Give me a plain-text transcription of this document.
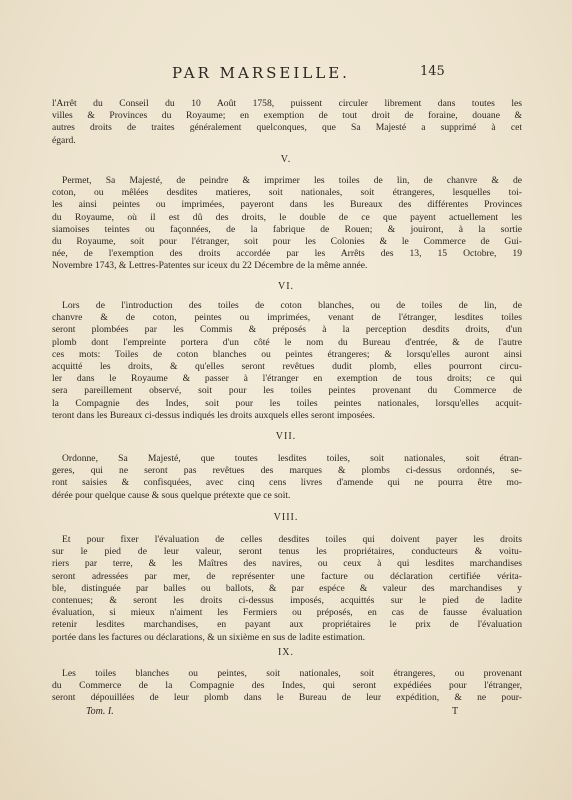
PAR MARSEILLE.	145
l'Arrêt du Conseil du 10 Août 1758, puissent circuler librement dans toutes les
villes & Provinces du Royaume; en exemption de tout droit de foraine, douane &
autres droits de traites généralement quelconques, que Sa Majesté a supprimé à cet
égard.
V.
Permet, Sa Majesté, de peindre & imprimer les toiles de lin, de chanvre & de
coton, ou mêlées desdites matieres, soit nationales, soit étrangeres, lesquelles toi-
les ainsi peintes ou imprimées, payeront dans les Bureaux des différentes Provinces
du Royaume, où il est dû des droits, le double de ce que payent actuellement les
siamoises teintes ou façonnées, de la fabrique de Rouen; & jouiront, à la sortie
du Royaume, soit pour l'étranger, soit pour les Colonies & le Commerce de Gui-
née, de l'exemption des droits accordée par les Arrêts des 13, 15 Octobre, 19
Novembre 1743, & Lettres-Patentes sur iceux du 22 Décembre de la même année.
VI.
Lors de l'introduction des toiles de coton blanches, ou de toiles de lin, de
chanvre & de coton, peintes ou imprimées, venant de l'étranger, lesdites toiles
seront plombées par les Commis & préposés à la perception desdits droits, d'un
plomb dont l'empreinte portera d'un côté le nom du Bureau d'entrée, & de l'autre
ces mots: Toiles de coton blanches ou peintes étrangeres; & lorsqu'elles auront ainsi
acquitté les droits, & qu'elles seront revêtues dudit plomb, elles pourront circu-
ler dans le Royaume & passer à l'étranger en exemption de tous droits; ce qui
sera pareillement observé, soit pour les toiles peintes provenant du Commerce de
la Compagnie des Indes, soit pour les toiles peintes nationales, lorsqu'elles acquit-
teront dans les Bureaux ci-dessus indiqués les droits auxquels elles seront imposées.
VII.
Ordonne, Sa Majesté, que toutes lesdites toiles, soit nationales, soit étran-
geres, qui ne seront pas revêtues des marques & plombs ci-dessus ordonnés, se-
ront saisies & confisquées, avec cinq cens livres d'amende qui ne pourra être mo-
dérée pour quelque cause & sous quelque prétexte que ce soit.
VIII.
Et pour fixer l'évaluation de celles desdites toiles qui doivent payer les droits
sur le pied de leur valeur, seront tenus les propriétaires, conducteurs & voitu-
riers par terre, & les Maîtres des navires, ou ceux à qui lesdites marchandises
seront adressées par mer, de représenter une facture ou déclaration certifiée vérita-
ble, distinguée par balles ou ballots, & par espéce & valeur des marchandises y
contenues; & seront les droits ci-dessus imposés, acquittés sur le pied de ladite
évaluation, si mieux n'aiment les Fermiers ou préposés, en cas de fausse évaluation
retenir lesdites marchandises, en payant aux propriétaires le prix de l'évaluation
portée dans les factures ou déclarations, & un sixième en sus de ladite estimation.
IX.
Les toiles blanches ou peintes, soit nationales, soit étrangeres, ou provenant
du Commerce de la Compagnie des Indes, qui seront expédiées pour l'étranger,
seront dépouillées de leur plomb dans le Bureau de leur expédition, & ne pour-
Tom. I.	T
